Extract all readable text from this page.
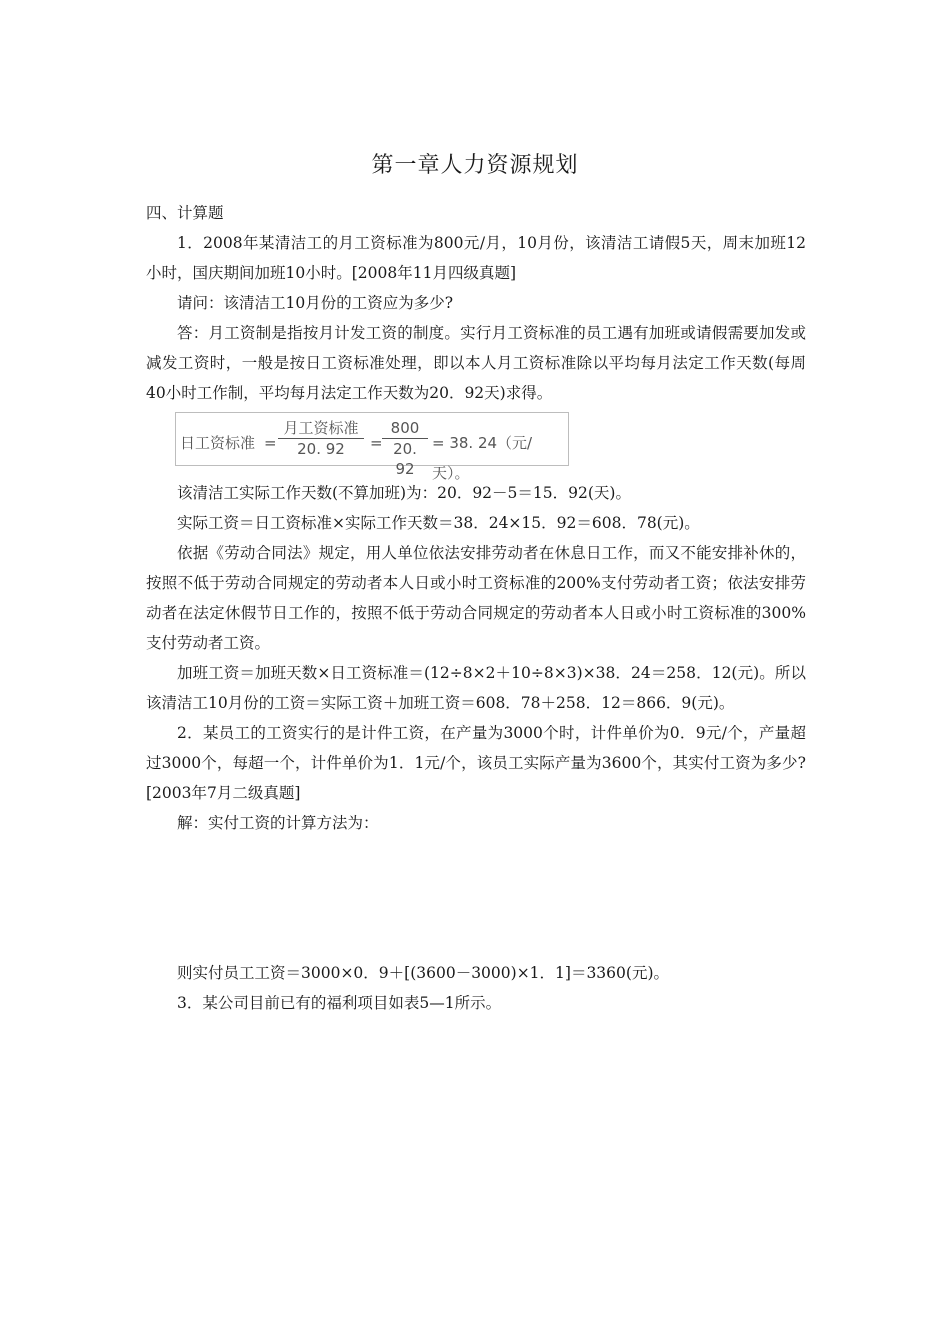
第一章人力资源规划

四、计算题

1．2008年某清洁工的月工资标准为800元/月，10月份，该清洁工请假5天，周末加班12小时，国庆期间加班10小时。[2008年11月四级真题]

请问：该清洁工10月份的工资应为多少?

答：月工资制是指按月计发工资的制度。实行月工资标准的员工遇有加班或请假需要加发或减发工资时，一般是按日工资标准处理，即以本人月工资标准除以平均每月法定工作天数(每周40小时工作制，平均每月法定工作天数为20．92天)求得。

日工资标准 =
月工资标准
20. 92	= $\frac{800}{20. 92} = 38$. 24（元/天）。

该清洁工实际工作天数(不算加班)为：20．92－5＝15．92(天)。

实际工资＝日工资标准×实际工作天数＝38．24×15．92＝608．78(元)。

依据《劳动合同法》规定，用人单位依法安排劳动者在休息日工作，而又不能安排补休的，按照不低于劳动合同规定的劳动者本人日或小时工资标准的200%支付劳动者工资；依法安排劳动者在法定休假节日工作的，按照不低于劳动合同规定的劳动者本人日或小时工资标准的300%支付劳动者工资。

加班工资＝加班天数×日工资标准＝(12÷8×2＋10÷8×3)×38．24＝258．12(元)。所以该清洁工10月份的工资＝实际工资＋加班工资＝608．78＋258．12＝866．9(元)。

2．某员工的工资实行的是计件工资，在产量为3000个时，计件单价为0．9元/个，产量超过3000个，每超一个，计件单价为1．1元/个，该员工实际产量为3600个，其实付工资为多少?[2003年7月二级真题]

解：实付工资的计算方法为：

则实付员工工资＝3000×0．9＋[(3600－3000)×1．1]＝3360(元)。

3．某公司目前已有的福利项目如表5—1所示。
